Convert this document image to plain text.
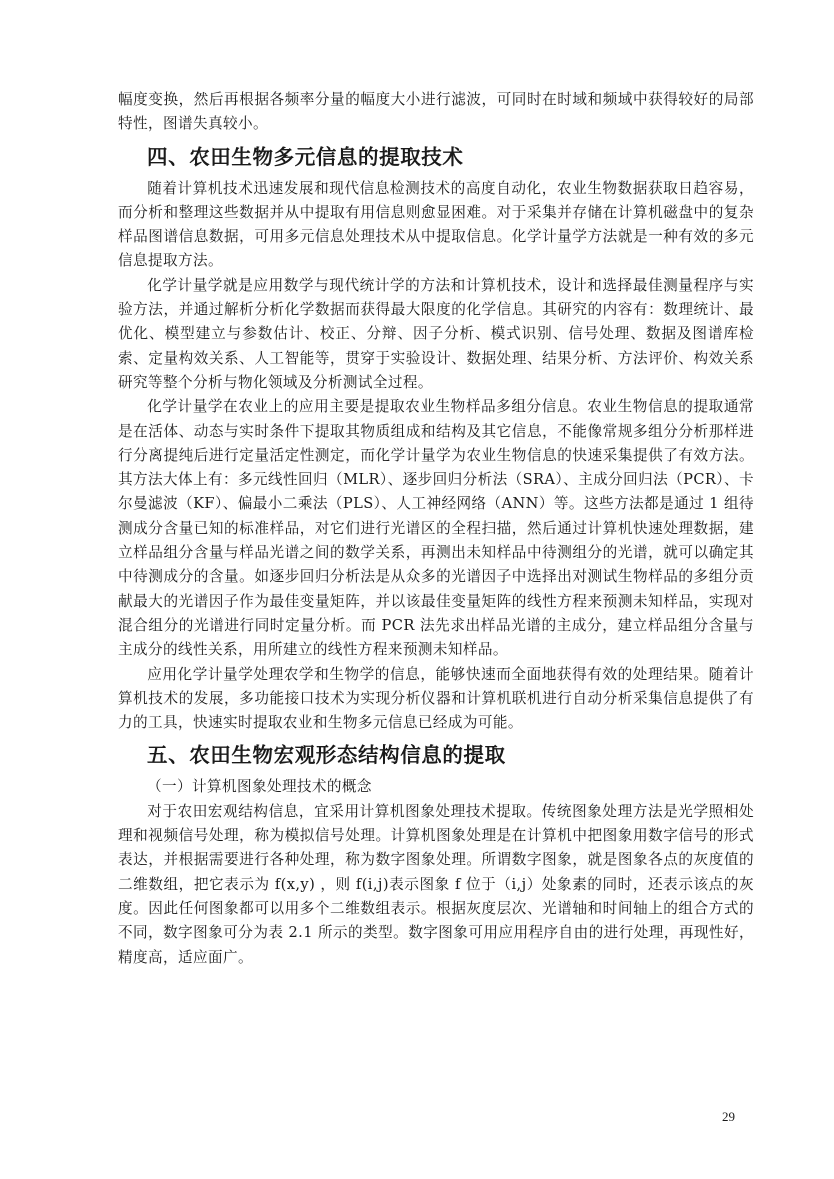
幅度变换，然后再根据各频率分量的幅度大小进行滤波，可同时在时域和频域中获得较好的局部特性，图谱失真较小。

四、农田生物多元信息的提取技术

随着计算机技术迅速发展和现代信息检测技术的高度自动化，农业生物数据获取日趋容易，而分析和整理这些数据并从中提取有用信息则愈显困难。对于采集并存储在计算机磁盘中的复杂样品图谱信息数据，可用多元信息处理技术从中提取信息。化学计量学方法就是一种有效的多元信息提取方法。

化学计量学就是应用数学与现代统计学的方法和计算机技术，设计和选择最佳测量程序与实验方法，并通过解析分析化学数据而获得最大限度的化学信息。其研究的内容有：数理统计、最优化、模型建立与参数估计、校正、分辩、因子分析、模式识别、信号处理、数据及图谱库检索、定量构效关系、人工智能等，贯穿于实验设计、数据处理、结果分析、方法评价、构效关系研究等整个分析与物化领域及分析测试全过程。

化学计量学在农业上的应用主要是提取农业生物样品多组分信息。农业生物信息的提取通常是在活体、动态与实时条件下提取其物质组成和结构及其它信息，不能像常规多组分分析那样进行分离提纯后进行定量活定性测定，而化学计量学为农业生物信息的快速采集提供了有效方法。其方法大体上有：多元线性回归（MLR）、逐步回归分析法（SRA）、主成分回归法（PCR）、卡尔曼滤波（KF）、偏最小二乘法（PLS）、人工神经网络（ANN）等。这些方法都是通过 1 组待测成分含量已知的标准样品，对它们进行光谱区的全程扫描，然后通过计算机快速处理数据，建立样品组分含量与样品光谱之间的数学关系，再测出未知样品中待测组分的光谱，就可以确定其中待测成分的含量。如逐步回归分析法是从众多的光谱因子中选择出对测试生物样品的多组分贡献最大的光谱因子作为最佳变量矩阵，并以该最佳变量矩阵的线性方程来预测未知样品，实现对混合组分的光谱进行同时定量分析。而 PCR 法先求出样品光谱的主成分，建立样品组分含量与主成分的线性关系，用所建立的线性方程来预测未知样品。

应用化学计量学处理农学和生物学的信息，能够快速而全面地获得有效的处理结果。随着计算机技术的发展，多功能接口技术为实现分析仪器和计算机联机进行自动分析采集信息提供了有力的工具，快速实时提取农业和生物多元信息已经成为可能。

五、农田生物宏观形态结构信息的提取

（一）计算机图象处理技术的概念

对于农田宏观结构信息，宜采用计算机图象处理技术提取。传统图象处理方法是光学照相处理和视频信号处理，称为模拟信号处理。计算机图象处理是在计算机中把图象用数字信号的形式表达，并根据需要进行各种处理，称为数字图象处理。所谓数字图象，就是图象各点的灰度值的二维数组，把它表示为 f(x,y) ，则 f(i,j)表示图象 f 位于（i,j）处象素的同时，还表示该点的灰度。因此任何图象都可以用多个二维数组表示。根据灰度层次、光谱轴和时间轴上的组合方式的不同，数字图象可分为表 2.1 所示的类型。数字图象可用应用程序自由的进行处理，再现性好，精度高，适应面广。

29
